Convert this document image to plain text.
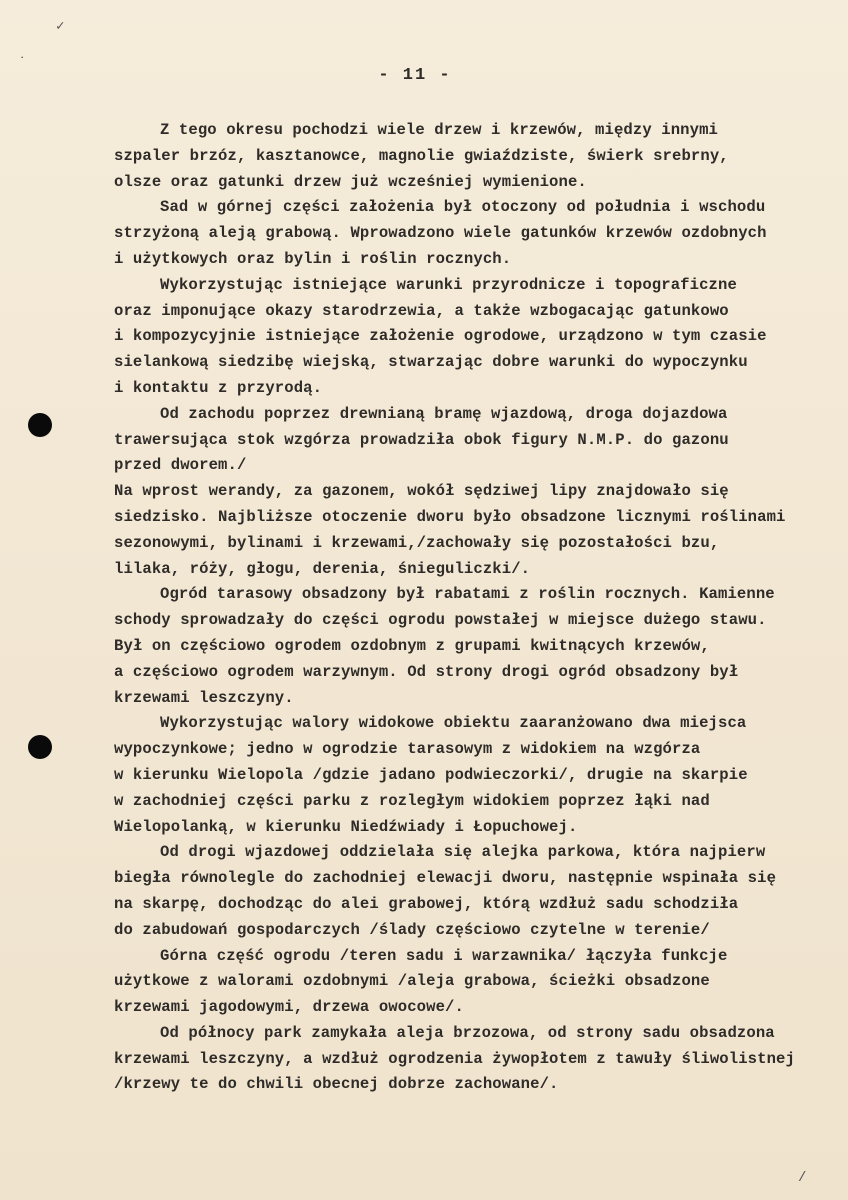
✓
˙
/
- 11 -
Z tego okresu pochodzi wiele drzew i krzewów, między innymi
szpaler brzóz, kasztanowce, magnolie gwiaździste, świerk srebrny,
olsze oraz gatunki drzew już wcześniej wymienione.
Sad w górnej części założenia był otoczony od południa i wschodu
strzyżoną aleją grabową. Wprowadzono wiele gatunków krzewów ozdobnych
i użytkowych oraz bylin i roślin rocznych.
Wykorzystując istniejące warunki przyrodnicze i topograficzne
oraz imponujące okazy starodrzewia, a także wzbogacając gatunkowo
i kompozycyjnie istniejące założenie ogrodowe, urządzono w tym czasie
sielankową siedzibę wiejską, stwarzając dobre warunki do wypoczynku
i kontaktu z przyrodą.
Od zachodu poprzez drewnianą bramę wjazdową, droga dojazdowa
trawersująca stok wzgórza prowadziła obok figury N.M.P. do gazonu
przed dworem./
Na wprost werandy, za gazonem, wokół sędziwej lipy znajdowało się
siedzisko. Najbliższe otoczenie dworu było obsadzone licznymi roślinami
sezonowymi, bylinami i krzewami,/zachowały się pozostałości bzu,
lilaka, róży, głogu, derenia, śnieguliczki/.
Ogród tarasowy obsadzony był rabatami z roślin rocznych. Kamienne
schody sprowadzały do części ogrodu powstałej w miejsce dużego stawu.
Był on częściowo ogrodem ozdobnym z grupami kwitnących krzewów,
a częściowo ogrodem warzywnym. Od strony drogi ogród obsadzony był
krzewami leszczyny.
Wykorzystując walory widokowe obiektu zaaranżowano dwa miejsca
wypoczynkowe; jedno w ogrodzie tarasowym z widokiem na wzgórza
w kierunku Wielopola /gdzie jadano podwieczorki/, drugie na skarpie
w zachodniej części parku z rozległym widokiem poprzez łąki nad
Wielopolanką, w kierunku Niedźwiady i Łopuchowej.
Od drogi wjazdowej oddzielała się alejka parkowa, która najpierw
biegła równolegle do zachodniej elewacji dworu, następnie wspinała się
na skarpę, dochodząc do alei grabowej, którą wzdłuż sadu schodziła
do zabudowań gospodarczych /ślady częściowo czytelne w terenie/
Górna część ogrodu /teren sadu i warzawnika/ łączyła funkcje
użytkowe z walorami ozdobnymi /aleja grabowa, ścieżki obsadzone
krzewami jagodowymi, drzewa owocowe/.
Od północy park zamykała aleja brzozowa, od strony sadu obsadzona
krzewami leszczyny, a wzdłuż ogrodzenia żywopłotem z tawuły śliwolistnej
/krzewy te do chwili obecnej dobrze zachowane/.
